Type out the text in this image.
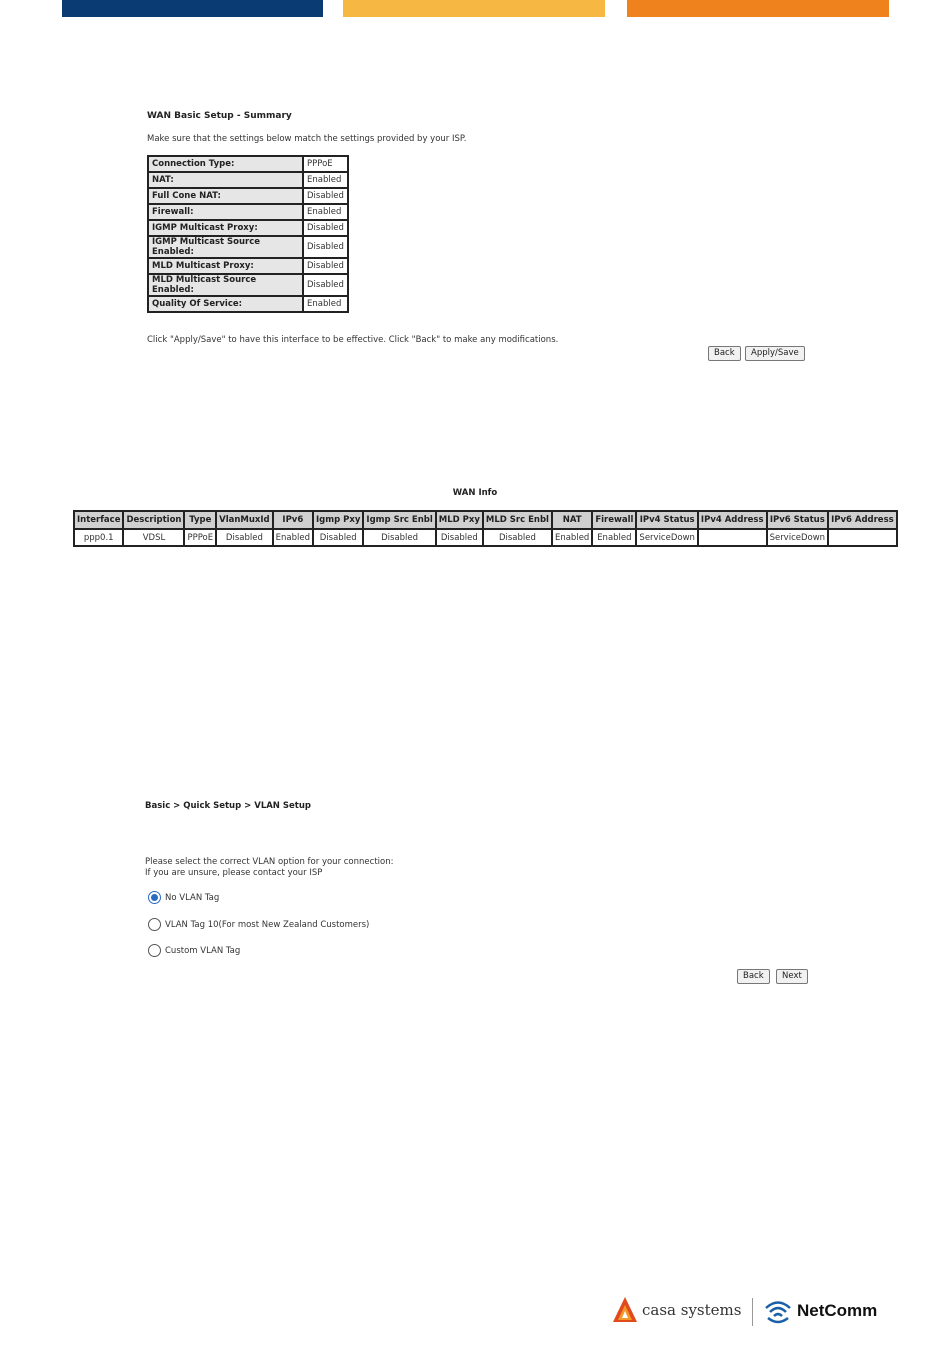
WAN Basic Setup - Summary
Make sure that the settings below match the settings provided by your ISP.
Connection Type:	PPPoE
NAT:	Enabled
Full Cone NAT:	Disabled
Firewall:	Enabled
IGMP Multicast Proxy:	Disabled
IGMP Multicast Source Enabled:	Disabled
MLD Multicast Proxy:	Disabled
MLD Multicast Source Enabled:	Disabled
Quality Of Service:	Enabled
Click "Apply/Save" to have this interface to be effective. Click "Back" to make any modifications.
Back	Apply/Save
WAN Info
Interface	Description	Type	VlanMuxId	IPv6	Igmp Pxy	Igmp Src Enbl	MLD Pxy	MLD Src Enbl	NAT	Firewall	IPv4 Status	IPv4 Address	IPv6 Status	IPv6 Address
ppp0.1	VDSL	PPPoE	Disabled	Enabled	Disabled	Disabled	Disabled	Disabled	Enabled	Enabled	ServiceDown		ServiceDown	
Basic > Quick Setup > VLAN Setup
Please select the correct VLAN option for your connection:
If you are unsure, please contact your ISP
No VLAN Tag
VLAN Tag 10(For most New Zealand Customers)
Custom VLAN Tag
Back	Next
casa systems	NetComm
